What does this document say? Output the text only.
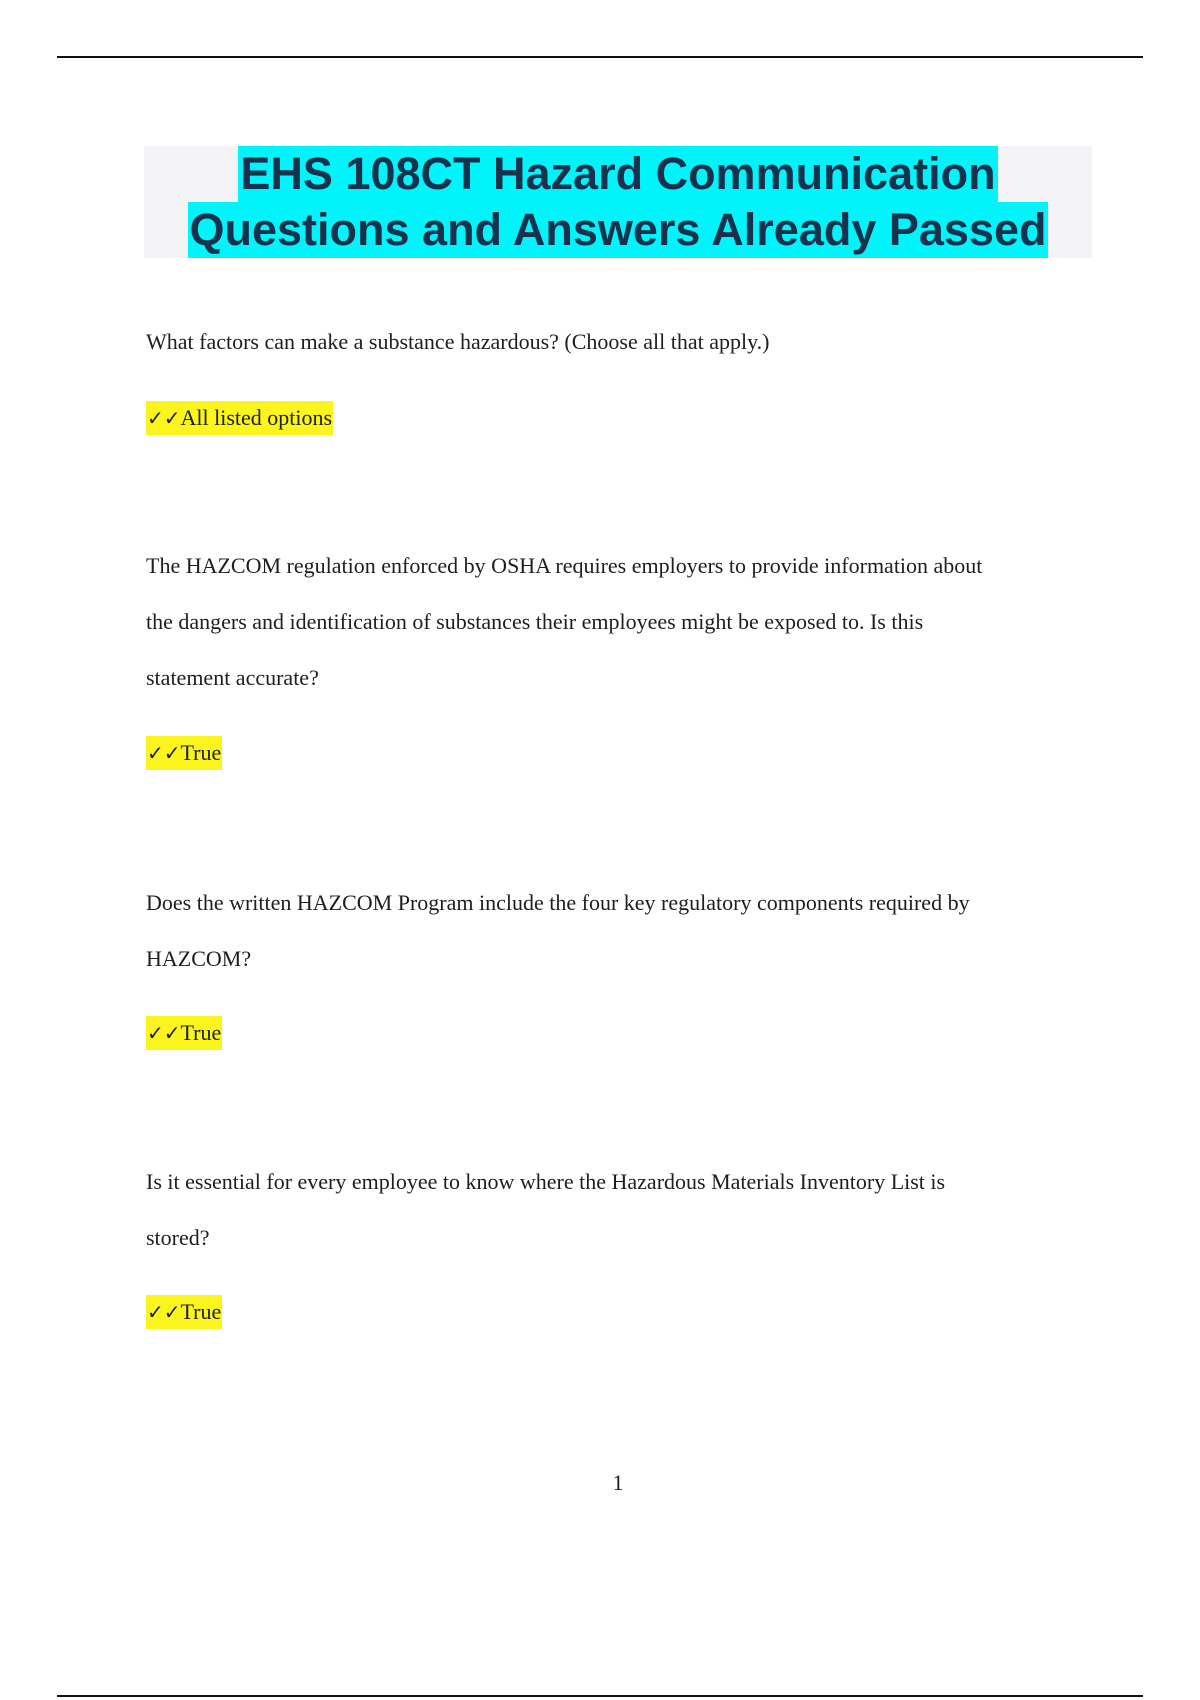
EHS 108CT Hazard Communication
Questions and Answers Already Passed

What factors can make a substance hazardous? (Choose all that apply.)

✓✓All listed options

The HAZCOM regulation enforced by OSHA requires employers to provide information about
the dangers and identification of substances their employees might be exposed to. Is this
statement accurate?

✓✓True

Does the written HAZCOM Program include the four key regulatory components required by
HAZCOM?

✓✓True

Is it essential for every employee to know where the Hazardous Materials Inventory List is
stored?

✓✓True
1
